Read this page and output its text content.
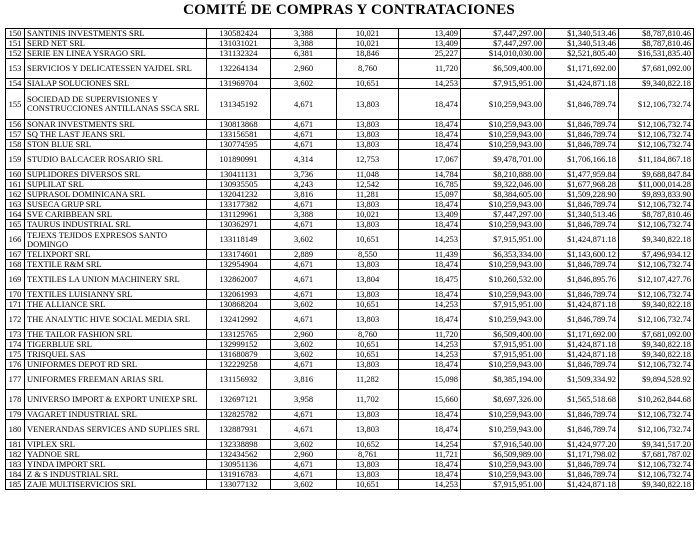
COMITÉ DE COMPRAS Y CONTRATACIONES
150	SANTINIS INVESTMENTS SRL	130582424	3,388	10,021	13,409	$7,447,297.00	$1,340,513.46	$8,787,810.46
151	SERD NET SRL	131031021	3,388	10,021	13,409	$7,447,297.00	$1,340,513.46	$8,787,810.46
152	SERIE EN LINEA YSRAGO SRL	131132324	6,381	18,846	25,227	$14,010,030.00	$2,521,805.40	$16,531,835.40
153	SERVICIOS Y DELICATESSEN YAJDEL SRL	132264134	2,960	8,760	11,720	$6,509,400.00	$1,171,692.00	$7,681,092.00
154	SIALAP SOLUCIONES SRL	131969704	3,602	10,651	14,253	$7,915,951.00	$1,424,871.18	$9,340,822.18
155	SOCIEDAD DE SUPERVISIONES Y CONSTRUCCIONES ANTILLANAS SSCA SRL	131345192	4,671	13,803	18,474	$10,259,943.00	$1,846,789.74	$12,106,732.74
156	SONAR INVESTMENTS SRL	130813868	4,671	13,803	18,474	$10,259,943.00	$1,846,789.74	$12,106,732.74
157	SQ THE LAST JEANS SRL	133156581	4,671	13,803	18,474	$10,259,943.00	$1,846,789.74	$12,106,732.74
158	STON BLUE SRL	130774595	4,671	13,803	18,474	$10,259,943.00	$1,846,789.74	$12,106,732.74
159	STUDIO BALCACER ROSARIO SRL	101890991	4,314	12,753	17,067	$9,478,701.00	$1,706,166.18	$11,184,867.18
160	SUPLIDORES DIVERSOS SRL	130411131	3,736	11,048	14,784	$8,210,888.00	$1,477,959.84	$9,688,847.84
161	SUPLILAT SRL	130935505	4,243	12,542	16,785	$9,322,046.00	$1,677,968.28	$11,000,014.28
162	SUPRASOL DOMINICANA SRL	132041232	3,816	11,281	15,097	$8,384,605.00	$1,509,228.90	$9,893,833.90
163	SUSECA GRUP SRL	133177382	4,671	13,803	18,474	$10,259,943.00	$1,846,789.74	$12,106,732.74
164	SVE CARIBBEAN SRL	131129961	3,388	10,021	13,409	$7,447,297.00	$1,340,513.46	$8,787,810.46
165	TAURUS INDUSTRIAL SRL	130362971	4,671	13,803	18,474	$10,259,943.00	$1,846,789.74	$12,106,732.74
166	TEJEXS TEJIDOS EXPRESOS SANTO DOMINGO	133118149	3,602	10,651	14,253	$7,915,951.00	$1,424,871.18	$9,340,822.18
167	TELIXPORT SRL	133174601	2,889	8,550	11,439	$6,353,334.00	$1,143,600.12	$7,496,934.12
168	TEXTILE R&M SRL	132954904	4,671	13,803	18,474	$10,259,943.00	$1,846,789.74	$12,106,732.74
169	TEXTILES LA UNION MACHINERY SRL	132862007	4,671	13,804	18,475	$10,260,532.00	$1,846,895.76	$12,107,427.76
170	TEXTILES LUISIANNY SRL	132061993	4,671	13,803	18,474	$10,259,943.00	$1,846,789.74	$12,106,732.74
171	THE ALLIANCE SRL	130868204	3,602	10,651	14,253	$7,915,951.00	$1,424,871.18	$9,340,822.18
172	THE ANALYTIC HIVE SOCIAL MEDIA SRL	132412992	4,671	13,803	18,474	$10,259,943.00	$1,846,789.74	$12,106,732.74
173	THE TAILOR FASHION SRL	133125765	2,960	8,760	11,720	$6,509,400.00	$1,171,692.00	$7,681,092.00
174	TIGERBLUE SRL	132999152	3,602	10,651	14,253	$7,915,951.00	$1,424,871.18	$9,340,822.18
175	TRISQUEL SAS	131680879	3,602	10,651	14,253	$7,915,951.00	$1,424,871.18	$9,340,822.18
176	UNIFORMES DEPOT RD SRL	132229258	4,671	13,803	18,474	$10,259,943.00	$1,846,789.74	$12,106,732.74
177	UNIFORMES FREEMAN ARIAS SRL	131156932	3,816	11,282	15,098	$8,385,194.00	$1,509,334.92	$9,894,528.92
178	UNIVERSO IMPORT & EXPORT UNIEXP SRL	132697121	3,958	11,702	15,660	$8,697,326.00	$1,565,518.68	$10,262,844.68
179	VAGARET INDUSTRIAL SRL	132825782	4,671	13,803	18,474	$10,259,943.00	$1,846,789.74	$12,106,732.74
180	VENERANDAS SERVICES AND SUPLIES SRL	132887931	4,671	13,803	18,474	$10,259,943.00	$1,846,789.74	$12,106,732.74
181	VIPLEX SRL	132338898	3,602	10,652	14,254	$7,916,540.00	$1,424,977.20	$9,341,517.20
182	YADNOE SRL	132434562	2,960	8,761	11,721	$6,509,989.00	$1,171,798.02	$7,681,787.02
183	YINDA IMPORT SRL	130951136	4,671	13,803	18,474	$10,259,943.00	$1,846,789.74	$12,106,732.74
184	Z & S INDUSTRIAL SRL	131916783	4,671	13,803	18,474	$10,259,943.00	$1,846,789.74	$12,106,732.74
185	ZAJE MULTISERVICIOS SRL	133077132	3,602	10,651	14,253	$7,915,951.00	$1,424,871.18	$9,340,822.18
